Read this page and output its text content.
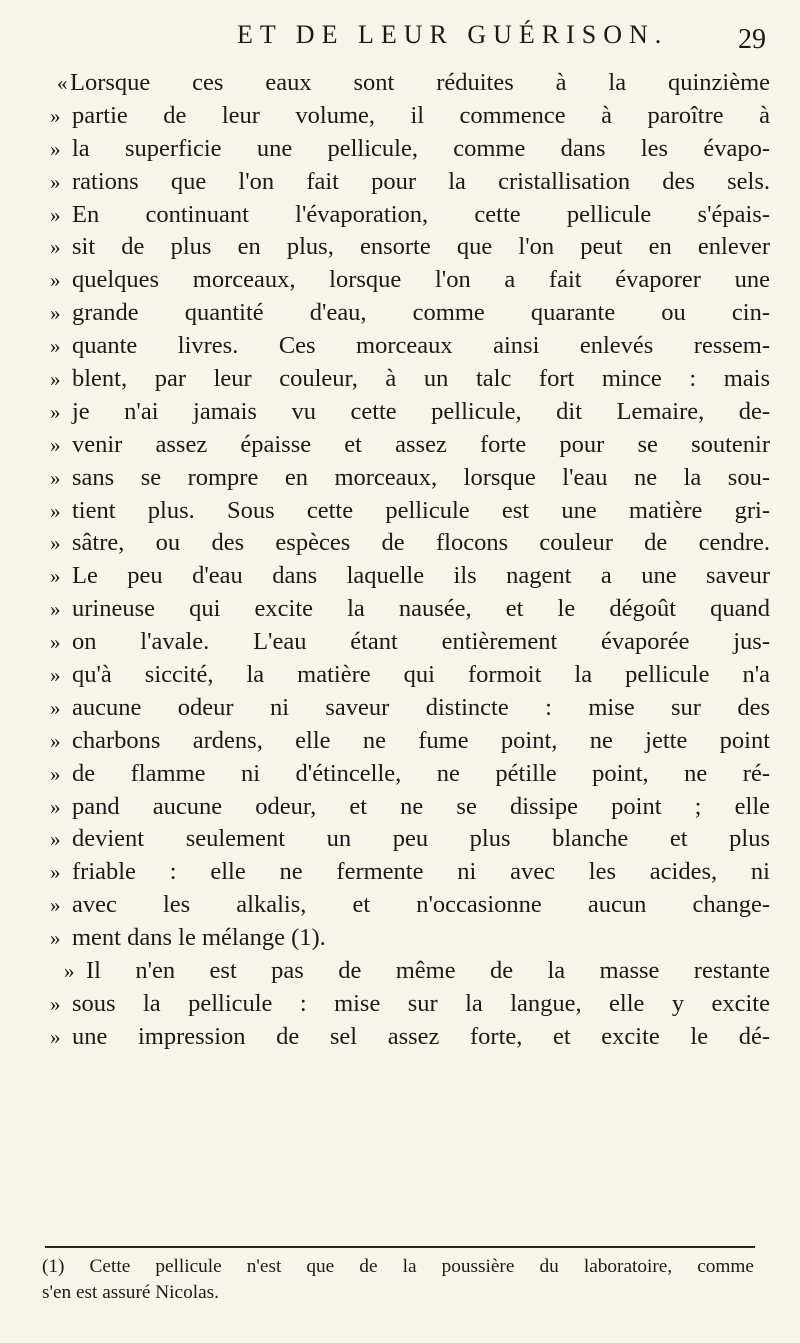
ET DE LEUR GUÉRISON. 29
« Lorsque ces eaux sont réduites à la quinzième
» partie de leur volume, il commence à paroître à
» la superficie une pellicule, comme dans les évapo-
» rations que l'on fait pour la cristallisation des sels.
» En continuant l'évaporation, cette pellicule s'épais-
» sit de plus en plus, ensorte que l'on peut en enlever
» quelques morceaux, lorsque l'on a fait évaporer une
» grande quantité d'eau, comme quarante ou cin-
» quante livres. Ces morceaux ainsi enlevés ressem-
» blent, par leur couleur, à un talc fort mince : mais
» je n'ai jamais vu cette pellicule, dit Lemaire, de-
» venir assez épaisse et assez forte pour se soutenir
» sans se rompre en morceaux, lorsque l'eau ne la sou-
» tient plus. Sous cette pellicule est une matière gri-
» sâtre, ou des espèces de flocons couleur de cendre.
» Le peu d'eau dans laquelle ils nagent a une saveur
» urineuse qui excite la nausée, et le dégoût quand
» on l'avale. L'eau étant entièrement évaporée jus-
» qu'à siccité, la matière qui formoit la pellicule n'a
» aucune odeur ni saveur distincte : mise sur des
» charbons ardens, elle ne fume point, ne jette point
» de flamme ni d'étincelle, ne pétille point, ne ré-
» pand aucune odeur, et ne se dissipe point ; elle
» devient seulement un peu plus blanche et plus
» friable : elle ne fermente ni avec les acides, ni
» avec les alkalis, et n'occasionne aucun change-
» ment dans le mélange (1).
» Il n'en est pas de même de la masse restante
» sous la pellicule : mise sur la langue, elle y excite
» une impression de sel assez forte, et excite le dé-
(1) Cette pellicule n'est que de la poussière du laboratoire, comme
s'en est assuré Nicolas.
